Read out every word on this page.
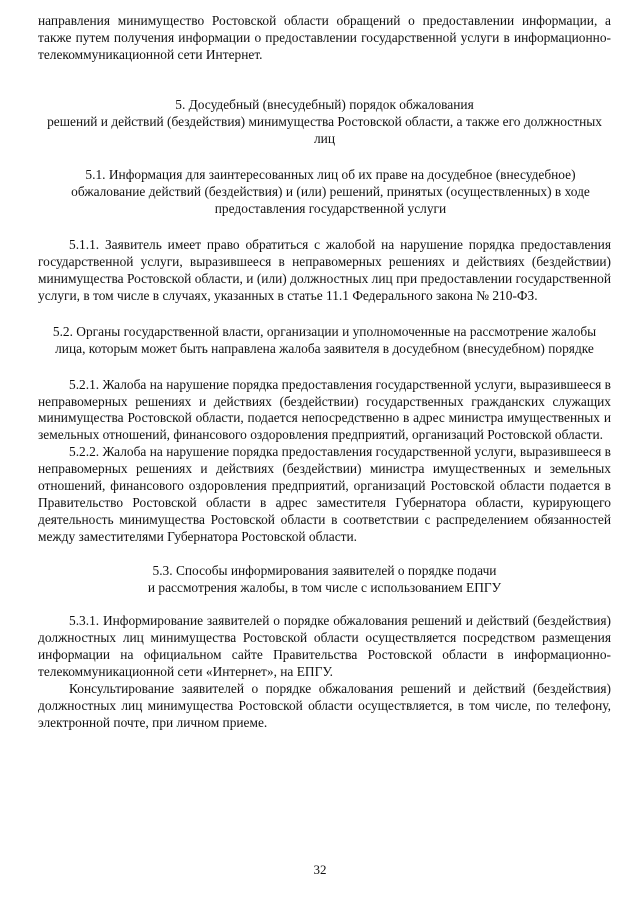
направления минимущество Ростовской области обращений о предоставлении информации, а также путем получения информации о предоставлении государственной услуги в информационно-телекоммуникационной сети Интернет.

5. Досудебный (внесудебный) порядок обжалования

решений и действий (бездействия) минимущества Ростовской области, а также его должностных лиц

5.1. Информация для заинтересованных лиц об их праве на досудебное (внесудебное) обжалование действий (бездействия) и (или) решений, принятых (осуществленных) в ходе предоставления государственной услуги

5.1.1. Заявитель имеет право обратиться с жалобой на нарушение порядка предоставления государственной услуги, выразившееся в неправомерных решениях и действиях (бездействии) минимущества Ростовской области, и (или) должностных лиц при предоставлении государственной услуги, в том числе в случаях, указанных в статье 11.1 Федерального закона № 210-ФЗ.

5.2. Органы государственной власти, организации и уполномоченные на рассмотрение жалобы лица, которым может быть направлена жалоба заявителя в досудебном (внесудебном) порядке

5.2.1. Жалоба на нарушение порядка предоставления государственной услуги, выразившееся в неправомерных решениях и действиях (бездействии) государственных гражданских служащих минимущества Ростовской области, подается непосредственно в адрес министра имущественных и земельных отношений, финансового оздоровления предприятий, организаций Ростовской области.

5.2.2. Жалоба на нарушение порядка предоставления государственной услуги, выразившееся в неправомерных решениях и действиях (бездействии) министра имущественных и земельных отношений, финансового оздоровления предприятий, организаций Ростовской области подается в Правительство Ростовской области в адрес заместителя Губернатора области, курирующего деятельность минимущества Ростовской области в соответствии с распределением обязанностей между заместителями Губернатора Ростовской области.

5.3. Способы информирования заявителей о порядке подачи

и рассмотрения жалобы, в том числе с использованием ЕПГУ

5.3.1. Информирование заявителей о порядке обжалования решений и действий (бездействия) должностных лиц минимущества Ростовской области осуществляется посредством размещения информации на официальном сайте Правительства Ростовской области в информационно-телекоммуникационной сети «Интернет», на ЕПГУ.

Консультирование заявителей о порядке обжалования решений и действий (бездействия) должностных лиц минимущества Ростовской области осуществляется, в том числе, по телефону, электронной почте, при личном приеме.

32
